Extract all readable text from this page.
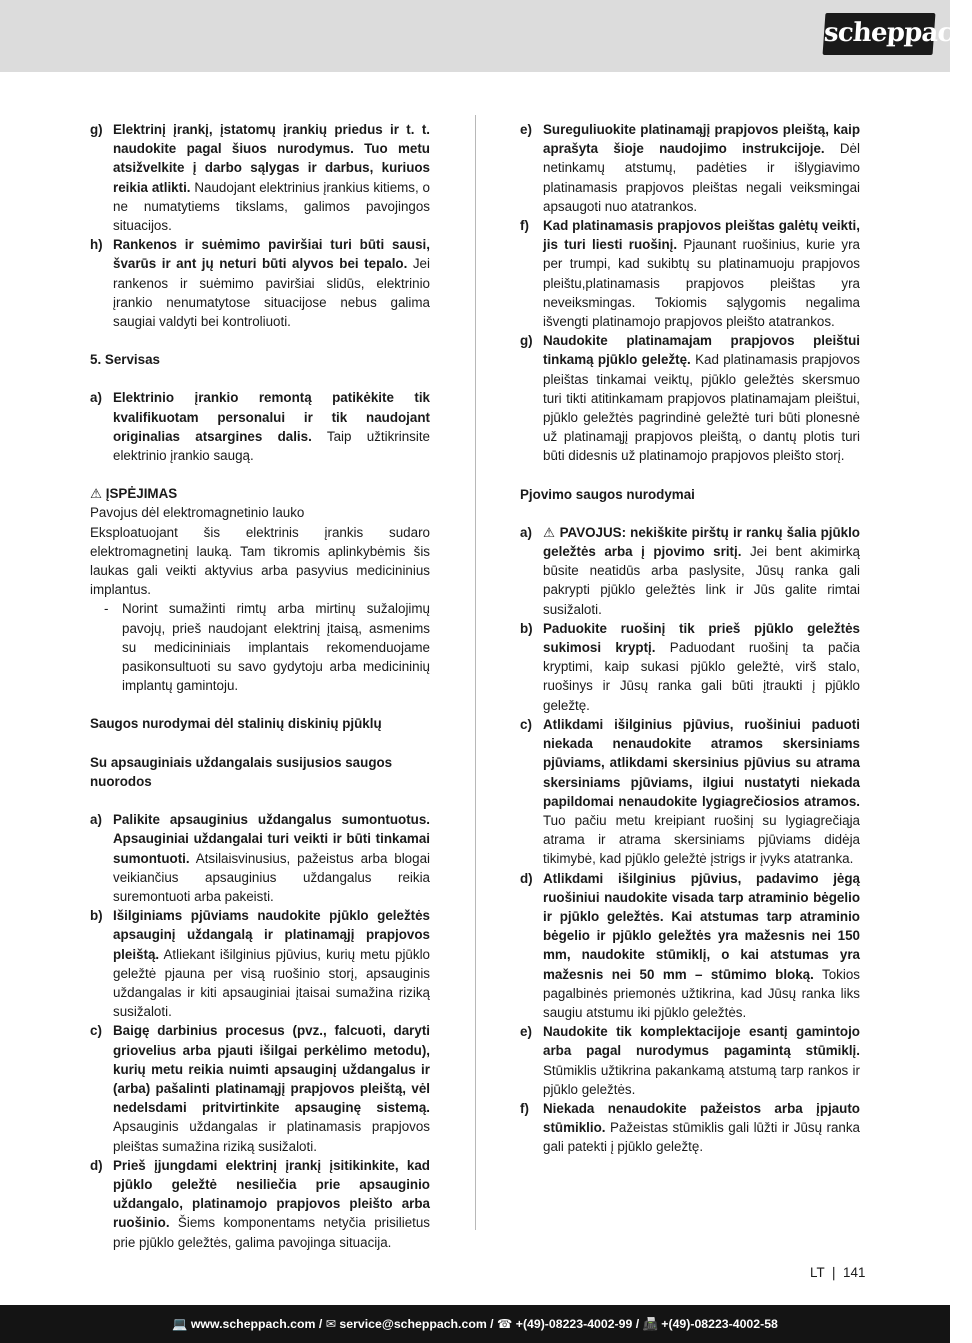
scheppach
g) Elektrinį įrankį, įstatomų įrankių priedus ir t. t. naudokite pagal šiuos nurodymus. Tuo metu atsižvelkite į darbo sąlygas ir darbus, kuriuos reikia atlikti. Naudojant elektrinius įrankius kitiems, o ne numatytiems tikslams, galimos pavojingos situacijos.
h) Rankenos ir suėmimo paviršiai turi būti sausi, švarūs ir ant jų neturi būti alyvos bei tepalo. Jei rankenos ir suėmimo paviršiai slidūs, elektrinio įrankio nenumatytose situacijose nebus galima saugiai valdyti bei kontroliuoti.

5. Servisas

a) Elektrinio įrankio remontą patikėkite tik kvalifikuotam personalui ir tik naudojant originalias atsargines dalis. Taip užtikrinsite elektrinio įrankio saugą.

⚠ ĮSPĖJIMAS

Pavojus dėl elektromagnetinio lauko

Eksploatuojant šis elektrinis įrankis sudaro elektromagnetinį lauką. Tam tikromis aplinkybėmis šis laukas gali veikti aktyvius arba pasyvius medicininius implantus.

- Norint sumažinti rimtų arba mirtinų sužalojimų pavojų, prieš naudojant elektrinį įtaisą, asmenims su medicininiais implantais rekomenduojame pasikonsultuoti su savo gydytoju arba medicininių implantų gamintoju.

Saugos nurodymai dėl stalinių diskinių pjūklų

Su apsauginiais uždangalais susijusios saugos nuorodos

a) Palikite apsauginius uždangalus sumontuotus. Apsauginiai uždangalai turi veikti ir būti tinkamai sumontuoti. Atsilaisvinusius, pažeistus arba blogai veikiančius apsauginius uždangalus reikia suremontuoti arba pakeisti.
b) Išilginiams pjūviams naudokite pjūklo geležtės apsauginį uždangalą ir platinamąjį prapjovos pleištą. Atliekant išilginius pjūvius, kurių metu pjūklo geležtė pjauna per visą ruošinio storį, apsauginis uždangalas ir kiti apsauginiai įtaisai sumažina riziką susižaloti.
c) Baigę darbinius procesus (pvz., falcuoti, daryti griovelius arba pjauti išilgai perkėlimo metodu), kurių metu reikia nuimti apsauginį uždangalus ir (arba) pašalinti platinamąjį prapjovos pleištą, vėl nedelsdami pritvirtinkite apsauginę sistemą. Apsauginis uždangalas ir platinamasis prapjovos pleištas sumažina riziką susižaloti.
d) Prieš įjungdami elektrinį įrankį įsitikinkite, kad pjūklo geležtė nesiliečia prie apsauginio uždangalo, platinamojo prapjovos pleišto arba ruošinio. Šiems komponentams netyčia prisilietus prie pjūklo geležtės, galima pavojinga situacija.
e) Sureguliuokite platinamąjį prapjovos pleištą, kaip aprašyta šioje naudojimo instrukcijoje. Dėl netinkamų atstumų, padėties ir išlygiavimo platinamasis prapjovos pleištas negali veiksmingai apsaugoti nuo atatrankos.
f) Kad platinamasis prapjovos pleištas galėtų veikti, jis turi liesti ruošinį. Pjaunant ruošinius, kurie yra per trumpi, kad sukibtų su platinamuoju prapjovos pleištu,platinamasis prapjovos pleištas yra neveiksmingas. Tokiomis sąlygomis negalima išvengti platinamojo prapjovos pleišto atatrankos.
g) Naudokite platinamajam prapjovos pleištui tinkamą pjūklo geležtę. Kad platinamasis prapjovos pleištas tinkamai veiktų, pjūklo geležtės skersmuo turi tikti atitinkamam prapjovos platinamajam pleištui, pjūklo geležtės pagrindinė geležtė turi būti plonesnė už platinamąjį prapjovos pleištą, o dantų plotis turi būti didesnis už platinamojo prapjovos pleišto storį.

Pjovimo saugos nurodymai

a) ⚠ PAVOJUS: nekiškite pirštų ir rankų šalia pjūklo geležtės arba į pjovimo sritį. Jei bent akimirką būsite neatidūs arba paslysite, Jūsų ranka gali pakrypti pjūklo geležtės link ir Jūs galite rimtai susižaloti.
b) Paduokite ruošinį tik prieš pjūklo geležtės sukimosi kryptį. Paduodant ruošinį ta pačia kryptimi, kaip sukasi pjūklo geležtė, virš stalo, ruošinys ir Jūsų ranka gali būti įtraukti į pjūklo geležtę.
c) Atlikdami išilginius pjūvius, ruošiniui paduoti niekada nenaudokite atramos skersiniams pjūviams, atlikdami skersinius pjūvius su atrama skersiniams pjūviams, ilgiui nustatyti niekada papildomai nenaudokite lygiagrečiosios atramos. Tuo pačiu metu kreipiant ruošinį su lygiagrečiąja atrama ir atrama skersiniams pjūviams didėja tikimybė, kad pjūklo geležtė įstrigs ir įvyks atatranka.
d) Atlikdami išilginius pjūvius, padavimo jėgą ruošiniui naudokite visada tarp atraminio bėgelio ir pjūklo geležtės. Kai atstumas tarp atraminio bėgelio ir pjūklo geležtės yra mažesnis nei 150 mm, naudokite stūmiklį, o kai atstumas yra mažesnis nei 50 mm – stūmimo bloką. Tokios pagalbinės priemonės užtikrina, kad Jūsų ranka liks saugiu atstumu iki pjūklo geležtės.
e) Naudokite tik komplektacijoje esantį gamintojo arba pagal nurodymus pagamintą stūmiklį. Stūmiklis užtikrina pakankamą atstumą tarp rankos ir pjūklo geležtės.
f) Niekada nenaudokite pažeistos arba įpjauto stūmiklio. Pažeistas stūmiklis gali lūžti ir Jūsų ranka gali patekti į pjūklo geležtę.
LT ❘ 141
💻 www.scheppach.com / ✉ service@scheppach.com / ☎ +(49)-08223-4002-99 / 📠 +(49)-08223-4002-58
